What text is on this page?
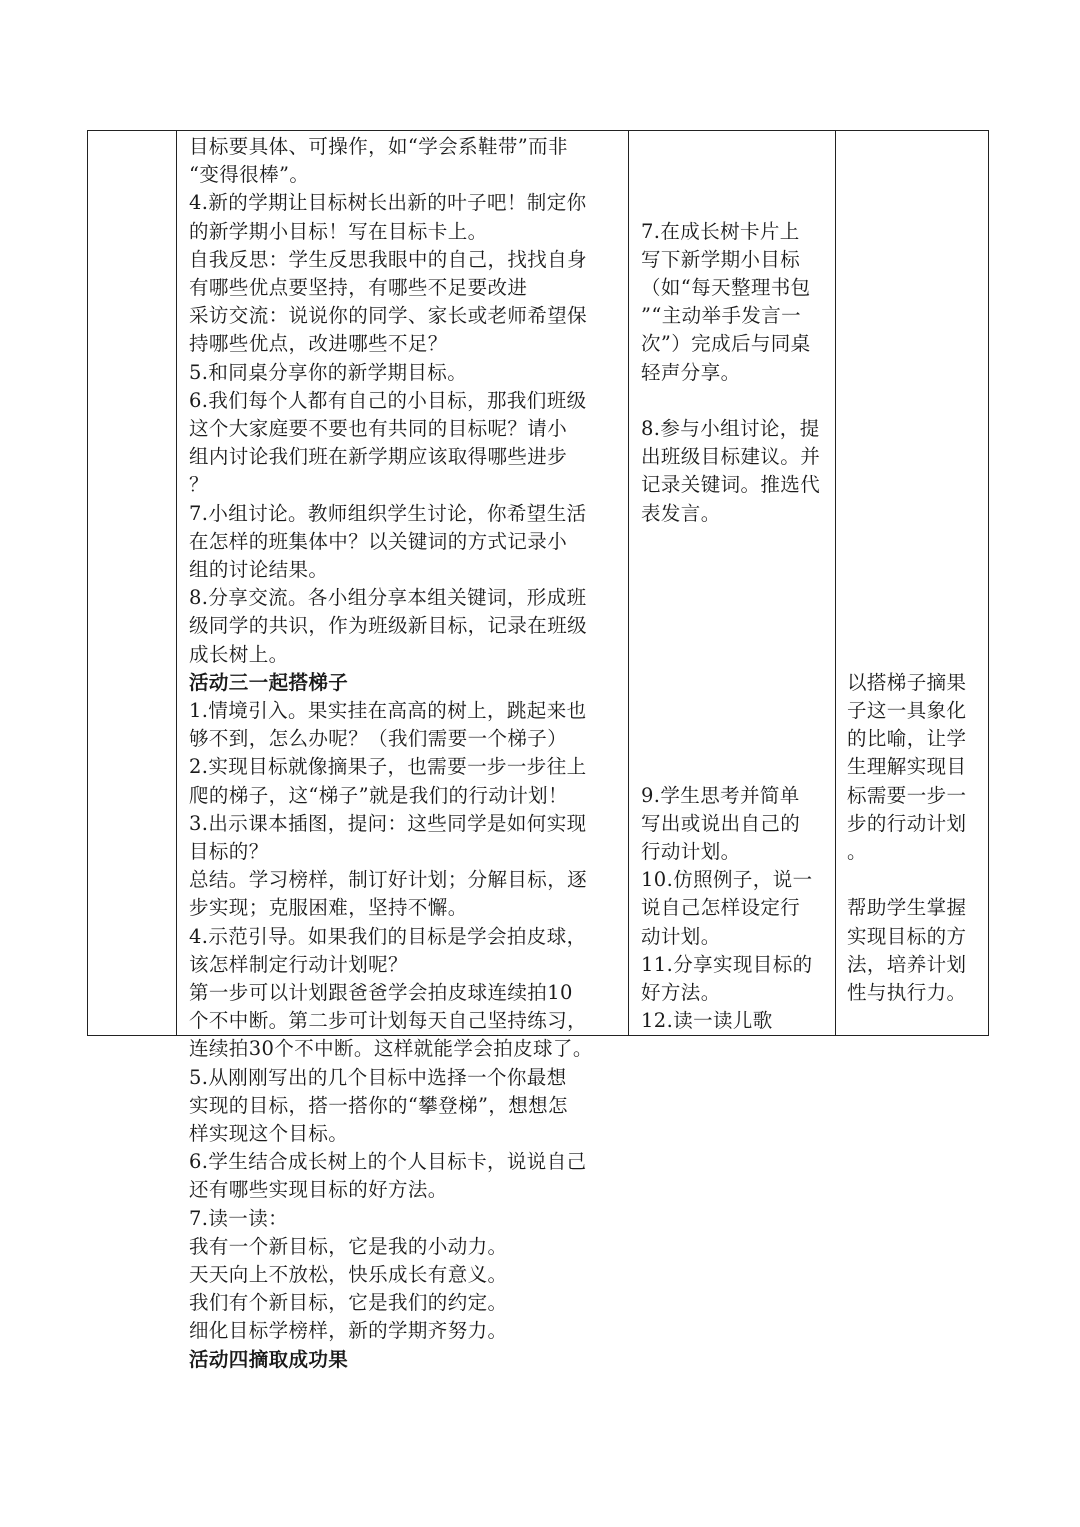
目标要具体、可操作，如“学会系鞋带”而非
“变得很棒”。
4.新的学期让目标树长出新的叶子吧！制定你
的新学期小目标！写在目标卡上。
自我反思：学生反思我眼中的自己，找找自身
有哪些优点要坚持，有哪些不足要改进
采访交流：说说你的同学、家长或老师希望保
持哪些优点，改进哪些不足？
5.和同桌分享你的新学期目标。
6.我们每个人都有自己的小目标，那我们班级
这个大家庭要不要也有共同的目标呢？请小
组内讨论我们班在新学期应该取得哪些进步
？
7.小组讨论。教师组织学生讨论，你希望生活
在怎样的班集体中？以关键词的方式记录小
组的讨论结果。
8.分享交流。各小组分享本组关键词，形成班
级同学的共识，作为班级新目标，记录在班级
成长树上。
活动三一起搭梯子
1.情境引入。果实挂在高高的树上，跳起来也
够不到，怎么办呢？（我们需要一个梯子）
2.实现目标就像摘果子，也需要一步一步往上
爬的梯子，这“梯子”就是我们的行动计划！
3.出示课本插图，提问：这些同学是如何实现
目标的？
总结。学习榜样，制订好计划；分解目标，逐
步实现；克服困难，坚持不懈。
4.示范引导。如果我们的目标是学会拍皮球，
该怎样制定行动计划呢？
第一步可以计划跟爸爸学会拍皮球连续拍10
个不中断。第二步可计划每天自己坚持练习，
连续拍30个不中断。这样就能学会拍皮球了。
5.从刚刚写出的几个目标中选择一个你最想
实现的目标，搭一搭你的“攀登梯”，想想怎
样实现这个目标。
6.学生结合成长树上的个人目标卡，说说自己
还有哪些实现目标的好方法。
7.读一读：
我有一个新目标，它是我的小动力。
天天向上不放松，快乐成长有意义。
我们有个新目标，它是我们的约定。
细化目标学榜样，新的学期齐努力。
活动四摘取成功果
7.在成长树卡片上
写下新学期小目标
（如“每天整理书包
”“主动举手发言一
次”）完成后与同桌
轻声分享。
8.参与小组讨论，提
出班级目标建议。并
记录关键词。推选代
表发言。
9.学生思考并简单
写出或说出自己的
行动计划。
10.仿照例子，说一
说自己怎样设定行
动计划。
11.分享实现目标的
好方法。
12.读一读儿歌
以搭梯子摘果
子这一具象化
的比喻，让学
生理解实现目
标需要一步一
步的行动计划
。
帮助学生掌握
实现目标的方
法，培养计划
性与执行力。
